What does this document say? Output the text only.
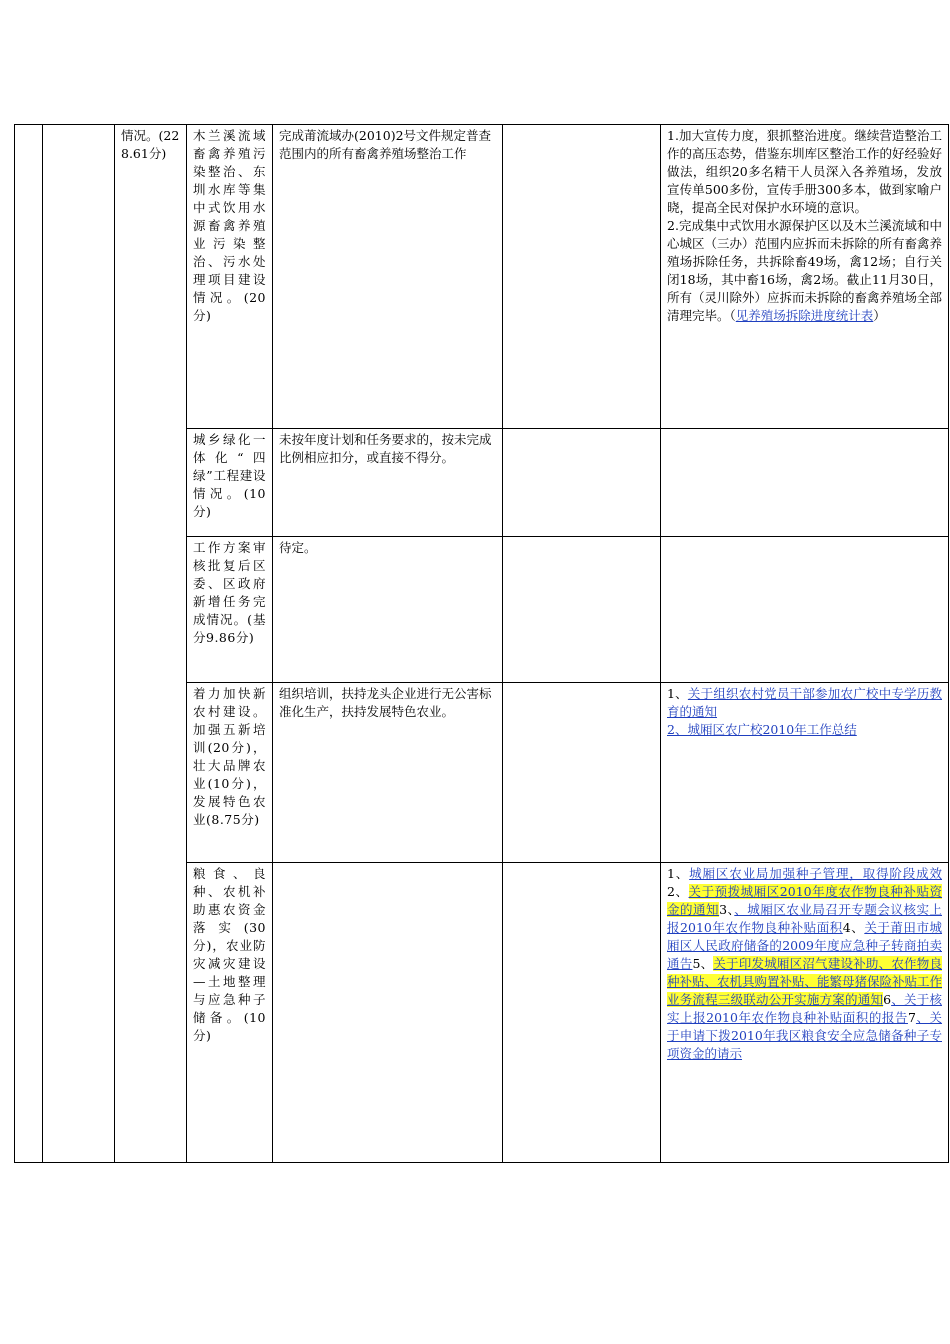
		情况。(228.61分)	木兰溪流域畜禽养殖污染整治、东圳水库等集中式饮用水源畜禽养殖业污染整治、污水处理项目建设情况。(20分)	完成莆流域办(2010)2号文件规定普查范围内的所有畜禽养殖场整治工作		1.加大宣传力度，狠抓整治进度。继续营造整治工作的高压态势，借鉴东圳库区整治工作的好经验好做法，组织20多名精干人员深入各养殖场，发放宣传单500多份，宣传手册300多本，做到家喻户晓，提高全民对保护水环境的意识。
2.完成集中式饮用水源保护区以及木兰溪流域和中心城区（三办）范围内应拆而未拆除的所有畜禽养殖场拆除任务，共拆除畜49场，禽12场；自行关闭18场，其中畜16场，禽2场。截止11月30日，所有（灵川除外）应拆而未拆除的畜禽养殖场全部清理完毕。（见养殖场拆除进度统计表）

			城乡绿化一体化“四绿”工程建设情况。(10分)	未按年度计划和任务要求的，按未完成比例相应扣分，或直接不得分。		
			工作方案审核批复后区委、区政府新增任务完成情况。(基分9.86分)	待定。		
			着力加快新农村建设。加强五新培训(20分)，壮大品牌农业(10分)，发展特色农业(8.75分)	组织培训，扶持龙头企业进行无公害标准化生产，扶持发展特色农业。		1、关于组织农村党员干部参加农广校中专学历教育的通知
2、城厢区农广校2010年工作总结

			粮食、良种、农机补助惠农资金落实(30分)，农业防灾减灾建设—土地整理与应急种子储备。(10分)			1、城厢区农业局加强种子管理，取得阶段成效2、关于预拨城厢区2010年度农作物良种补贴资金的通知3、、城厢区农业局召开专题会议核实上报2010年农作物良种补贴面积4、关于莆田市城厢区人民政府储备的2009年度应急种子转商拍卖通告5、关于印发城厢区沼气建设补助、农作物良种补贴、农机具购置补贴、能繁母猪保险补贴工作业务流程三级联动公开实施方案的通知6、关于核实上报2010年农作物良种补贴面积的报告7、关于申请下拨2010年我区粮食安全应急储备种子专项资金的请示
